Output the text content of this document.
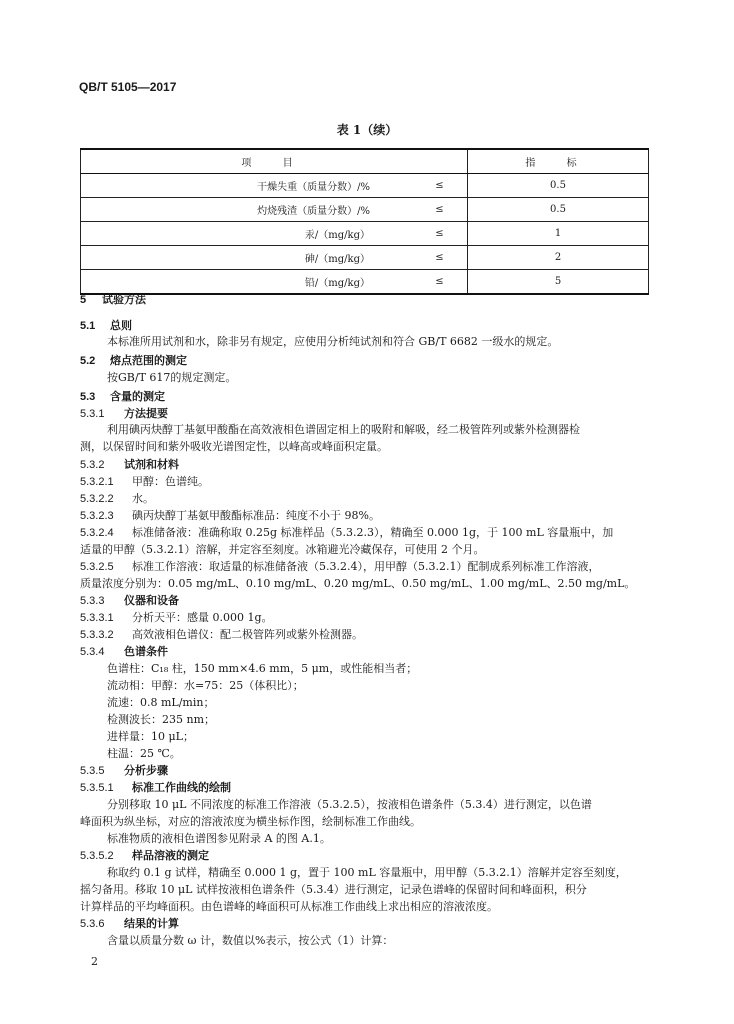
QB/T 5105—2017
表 1（续）
项 目		指 标
干燥失重（质量分数）/%	≤	0.5
灼烧残渣（质量分数）/%	≤	0.5
汞/（mg/kg）	≤	1
砷/（mg/kg）	≤	2
铅/（mg/kg）	≤	5
5 试验方法
5.1 总则
本标准所用试剂和水，除非另有规定，应使用分析纯试剂和符合 GB/T 6682 一级水的规定。
5.2 熔点范围的测定
按GB/T 617的规定测定。
5.3 含量的测定
5.3.1 方法提要
利用碘丙炔醇丁基氨甲酸酯在高效液相色谱固定相上的吸附和解吸，经二极管阵列或紫外检测器检
测，以保留时间和紫外吸收光谱图定性，以峰高或峰面积定量。
5.3.2 试剂和材料
5.3.2.1 甲醇：色谱纯。
5.3.2.2 水。
5.3.2.3 碘丙炔醇丁基氨甲酸酯标准品：纯度不小于 98%。
5.3.2.4 标准储备液：准确称取 0.25g 标准样品（5.3.2.3），精确至 0.000 1g，于 100 mL 容量瓶中，加
适量的甲醇（5.3.2.1）溶解，并定容至刻度。冰箱避光冷藏保存，可使用 2 个月。
5.3.2.5 标准工作溶液：取适量的标准储备液（5.3.2.4），用甲醇（5.3.2.1）配制成系列标准工作溶液，
质量浓度分别为：0.05 mg/mL、0.10 mg/mL、0.20 mg/mL、0.50 mg/mL、1.00 mg/mL、2.50 mg/mL。
5.3.3 仪器和设备
5.3.3.1 分析天平：感量 0.000 1g。
5.3.3.2 高效液相色谱仪：配二极管阵列或紫外检测器。
5.3.4 色谱条件
色谱柱：C₁₈ 柱，150 mm×4.6 mm，5 μm，或性能相当者；
流动相：甲醇：水=75：25（体积比）；
流速：0.8 mL/min；
检测波长：235 nm；
进样量：10 μL；
柱温：25 ℃。
5.3.5 分析步骤
5.3.5.1 标准工作曲线的绘制
分别移取 10 μL 不同浓度的标准工作溶液（5.3.2.5），按液相色谱条件（5.3.4）进行测定，以色谱
峰面积为纵坐标，对应的溶液浓度为横坐标作图，绘制标准工作曲线。
标准物质的液相色谱图参见附录 A 的图 A.1。
5.3.5.2 样品溶液的测定
称取约 0.1 g 试样，精确至 0.000 1 g，置于 100 mL 容量瓶中，用甲醇（5.3.2.1）溶解并定容至刻度，
摇匀备用。移取 10 μL 试样按液相色谱条件（5.3.4）进行测定，记录色谱峰的保留时间和峰面积，积分
计算样品的平均峰面积。由色谱峰的峰面积可从标准工作曲线上求出相应的溶液浓度。
5.3.6 结果的计算
含量以质量分数 ω 计，数值以%表示，按公式（1）计算：
2
